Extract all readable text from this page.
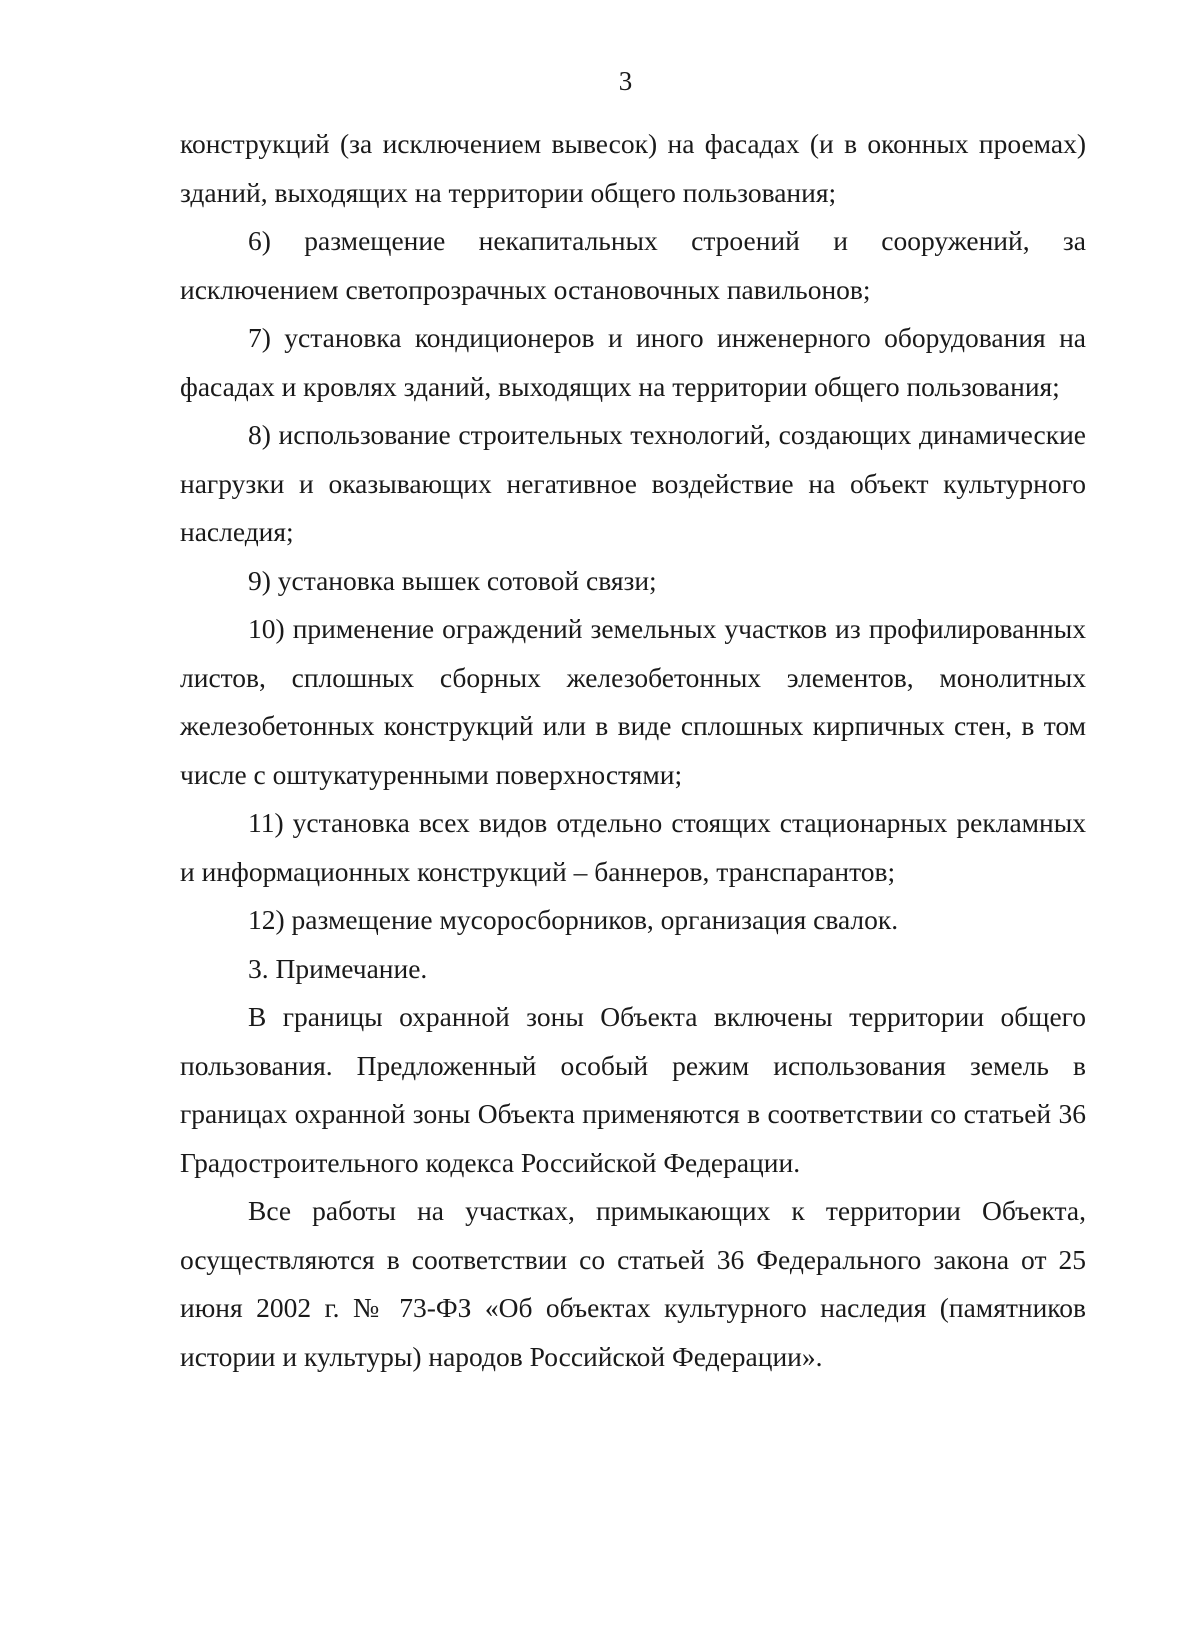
3

конструкций (за исключением вывесок) на фасадах (и в оконных проемах) зданий, выходящих на территории общего пользования;

6) размещение некапитальных строений и сооружений, за исключением светопрозрачных остановочных павильонов;

7) установка кондиционеров и иного инженерного оборудования на фасадах и кровлях зданий, выходящих на территории общего пользования;

8) использование строительных технологий, создающих динамические нагрузки и оказывающих негативное воздействие на объект культурного наследия;

9) установка вышек сотовой связи;

10) применение ограждений земельных участков из профилированных листов, сплошных сборных железобетонных элементов, монолитных железобетонных конструкций или в виде сплошных кирпичных стен, в том числе с оштукатуренными поверхностями;

11) установка всех видов отдельно стоящих стационарных рекламных и информационных конструкций – баннеров, транспарантов;

12) размещение мусоросборников, организация свалок.

3. Примечание.

В границы охранной зоны Объекта включены территории общего пользования. Предложенный особый режим использования земель в границах охранной зоны Объекта применяются в соответствии со статьей 36 Градостроительного кодекса Российской Федерации.

Все работы на участках, примыкающих к территории Объекта, осуществляются в соответствии со статьей 36 Федерального закона от 25 июня 2002 г. № 73-ФЗ «Об объектах культурного наследия (памятников истории и культуры) народов Российской Федерации».
